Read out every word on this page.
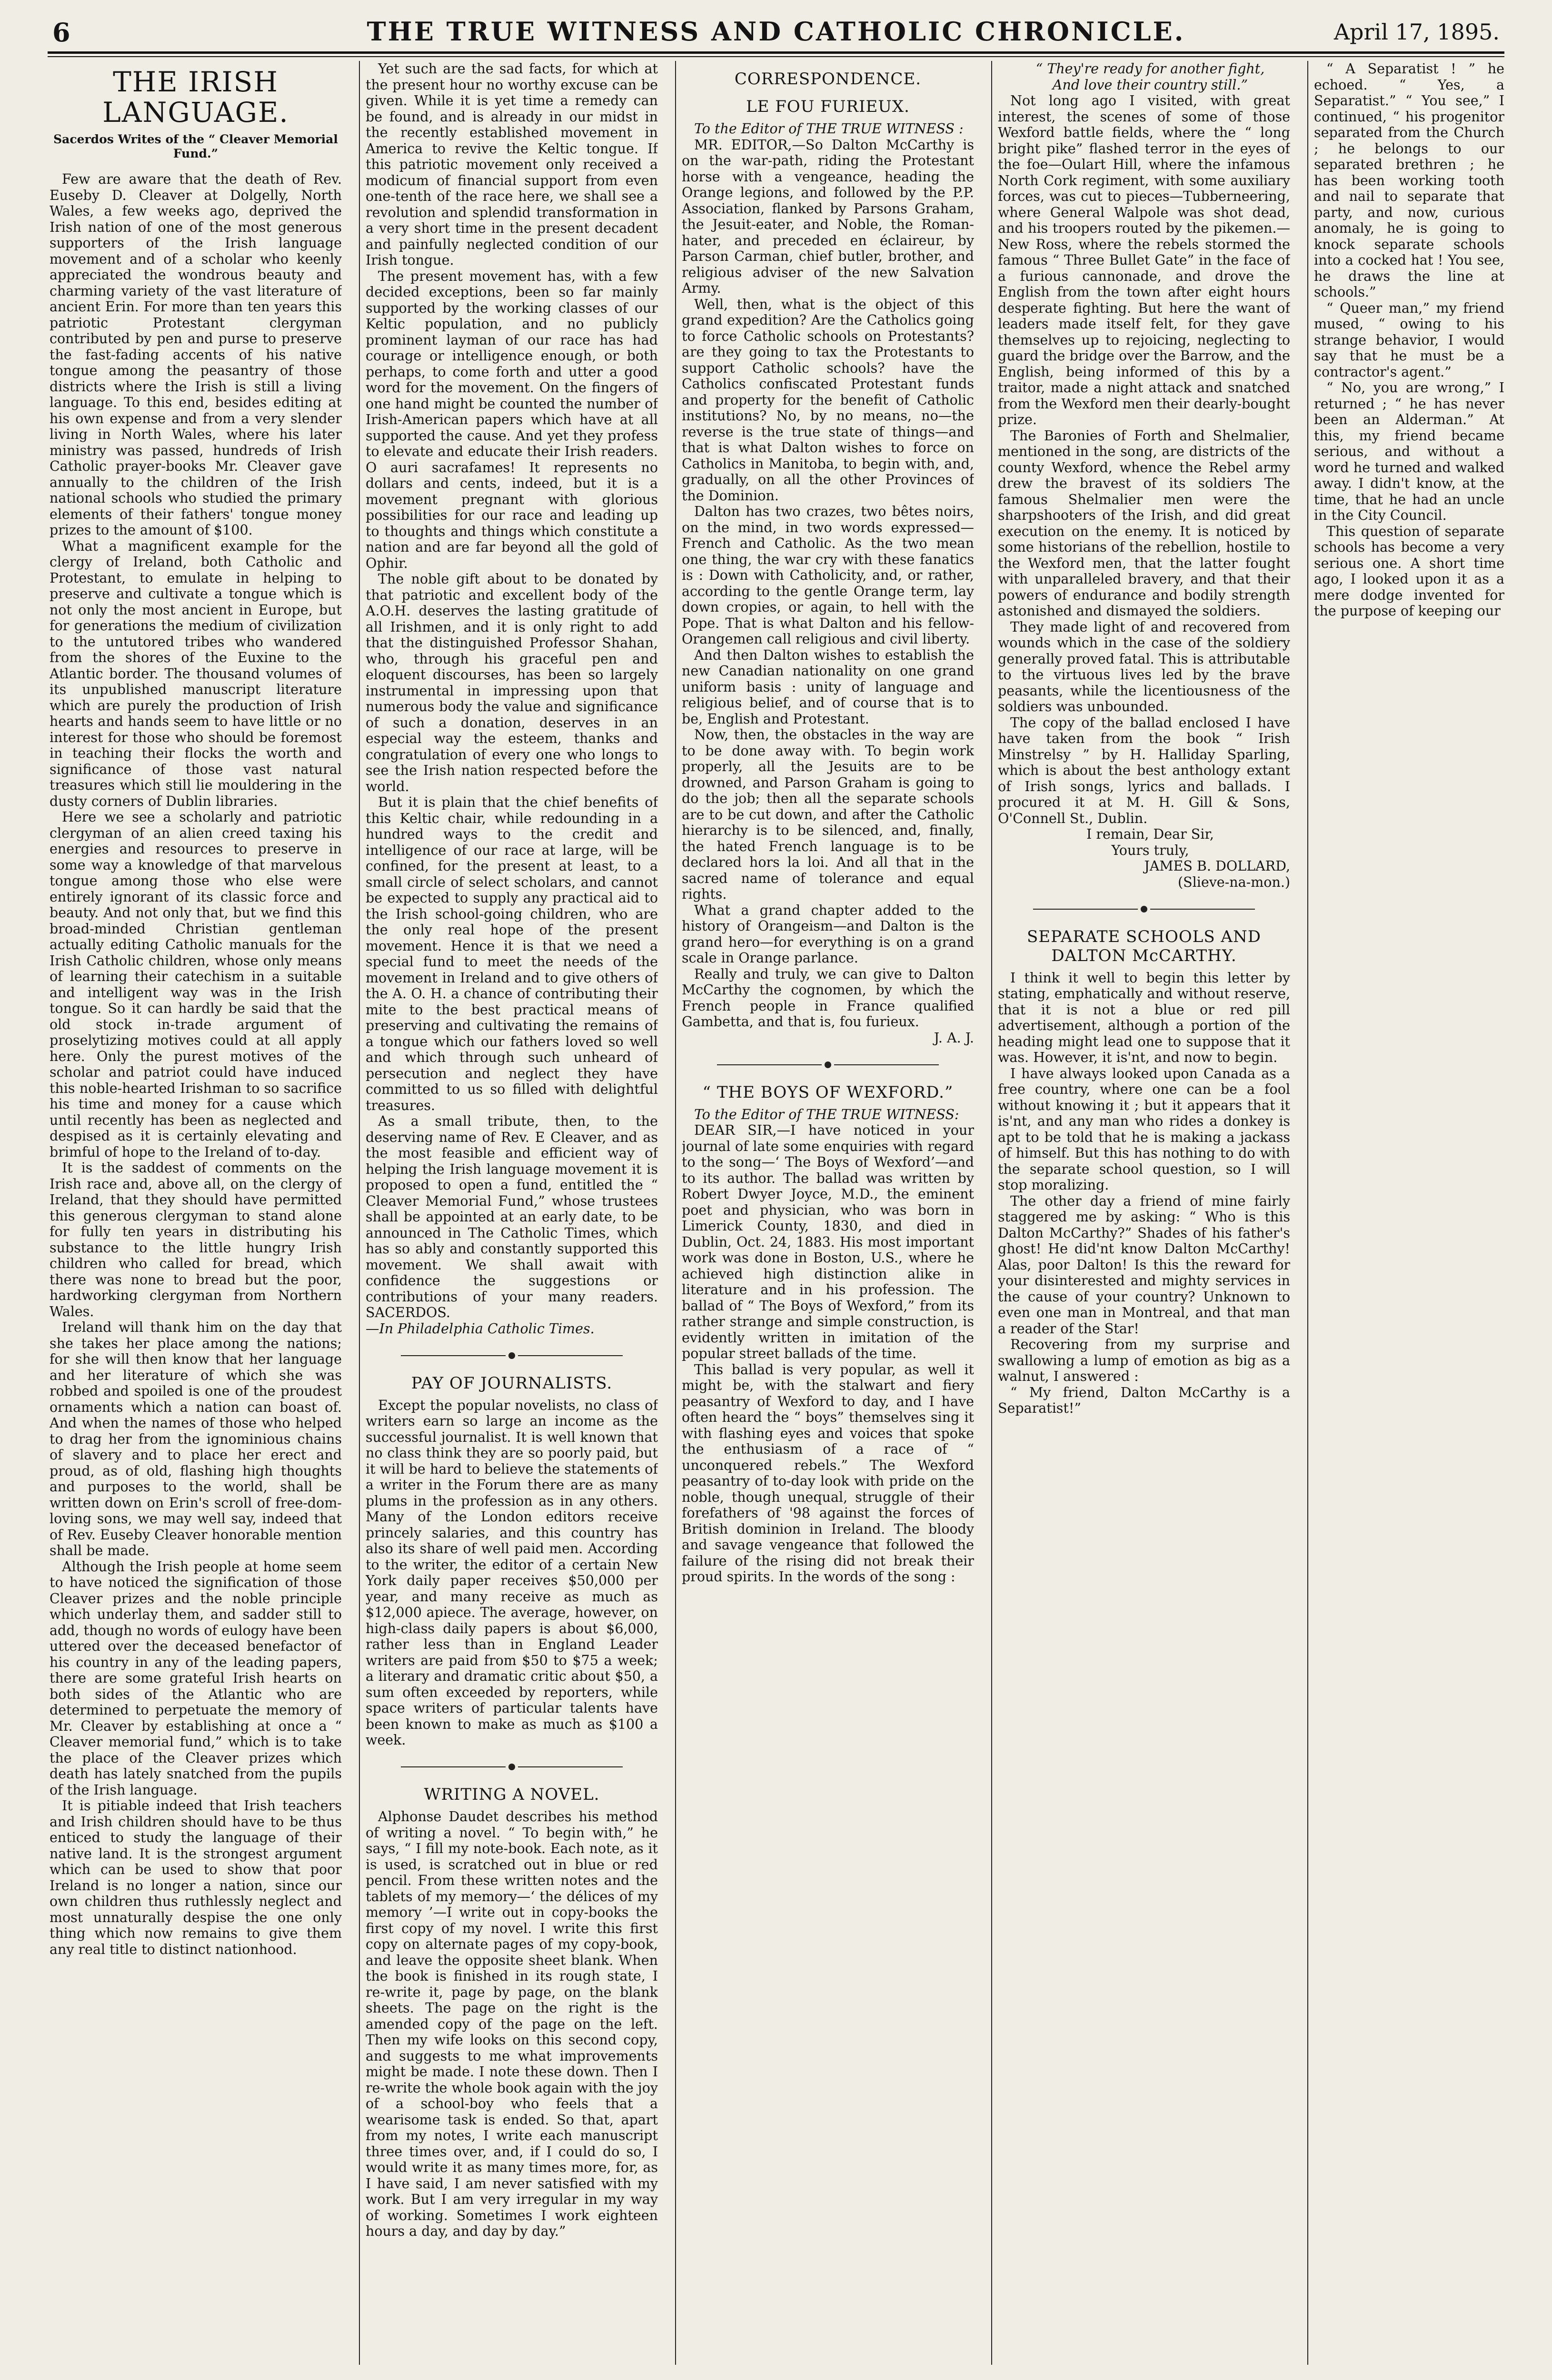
6	THE TRUE WITNESS AND CATHOLIC CHRONICLE.	April 17, 1895.
THE IRISH LANGUAGE.
Sacerdos Writes of the “ Cleaver Memorial Fund.”

Few are aware that the death of Rev. Euseby D. Cleaver at Dolgelly, North Wales, a few weeks ago, deprived the Irish nation of one of the most generous supporters of the Irish language movement and of a scholar who keenly appreciated the wondrous beauty and charming variety of the vast literature of ancient Erin. For more than ten years this patriotic Protestant clergyman contributed by pen and purse to preserve the fast-fading accents of his native tongue among the peasantry of those districts where the Irish is still a living language. To this end, besides editing at his own expense and from a very slender living in North Wales, where his later ministry was passed, hundreds of Irish Catholic prayer-books Mr. Cleaver gave annually to the children of the Irish national schools who studied the primary elements of their fathers' tongue money prizes to the amount of $100.

What a magnificent example for the clergy of Ireland, both Catholic and Protestant, to emulate in helping to preserve and cultivate a tongue which is not only the most ancient in Europe, but for generations the medium of civilization to the untutored tribes who wandered from the shores of the Euxine to the Atlantic border. The thousand volumes of its unpublished manuscript literature which are purely the production of Irish hearts and hands seem to have little or no interest for those who should be foremost in teaching their flocks the worth and significance of those vast natural treasures which still lie mouldering in the dusty corners of Dublin libraries.

Here we see a scholarly and patriotic clergyman of an alien creed taxing his energies and resources to preserve in some way a knowledge of that marvelous tongue among those who else were entirely ignorant of its classic force and beauty. And not only that, but we find this broad-minded Christian gentleman actually editing Catholic manuals for the Irish Catholic children, whose only means of learning their catechism in a suitable and intelligent way was in the Irish tongue. So it can hardly be said that the old stock in-trade argument of proselytizing motives could at all apply here. Only the purest motives of the scholar and patriot could have induced this noble-hearted Irishman to so sacrifice his time and money for a cause which until recently has been as neglected and despised as it is certainly elevating and brimful of hope to the Ireland of to-day.

It is the saddest of comments on the Irish race and, above all, on the clergy of Ireland, that they should have permitted this generous clergyman to stand alone for fully ten years in distributing his substance to the little hungry Irish children who called for bread, which there was none to bread but the poor, hardworking clergyman from Northern Wales.

Ireland will thank him on the day that she takes her place among the nations; for she will then know that her language and her literature of which she was robbed and spoiled is one of the proudest ornaments which a nation can boast of. And when the names of those who helped to drag her from the ignominious chains of slavery and to place her erect and proud, as of old, flashing high thoughts and purposes to the world, shall be written down on Erin's scroll of free-dom-loving sons, we may well say, indeed that of Rev. Euseby Cleaver honorable mention shall be made.

Although the Irish people at home seem to have noticed the signification of those Cleaver prizes and the noble principle which underlay them, and sadder still to add, though no words of eulogy have been uttered over the deceased benefactor of his country in any of the leading papers, there are some grateful Irish hearts on both sides of the Atlantic who are determined to perpetuate the memory of Mr. Cleaver by establishing at once a “ Cleaver memorial fund,” which is to take the place of the Cleaver prizes which death has lately snatched from the pupils of the Irish language.

It is pitiable indeed that Irish teachers and Irish children should have to be thus enticed to study the language of their native land. It is the strongest argument which can be used to show that poor Ireland is no longer a nation, since our own children thus ruthlessly neglect and most unnaturally despise the one only thing which now remains to give them any real title to distinct nationhood.

Yet such are the sad facts, for which at the present hour no worthy excuse can be given. While it is yet time a remedy can be found, and is already in our midst in the recently established movement in America to revive the Keltic tongue. If this patriotic movement only received a modicum of financial support from even one-tenth of the race here, we shall see a revolution and splendid transformation in a very short time in the present decadent and painfully neglected condition of our Irish tongue.

The present movement has, with a few decided exceptions, been so far mainly supported by the working classes of our Keltic population, and no publicly prominent layman of our race has had courage or intelligence enough, or both perhaps, to come forth and utter a good word for the movement. On the fingers of one hand might be counted the number of Irish-American papers which have at all supported the cause. And yet they profess to elevate and educate their Irish readers. O auri sacrafames! It represents no dollars and cents, indeed, but it is a movement pregnant with glorious possibilities for our race and leading up to thoughts and things which constitute a nation and are far beyond all the gold of Ophir.

The noble gift about to be donated by that patriotic and excellent body of the A.O.H. deserves the lasting gratitude of all Irishmen, and it is only right to add that the distinguished Professor Shahan, who, through his graceful pen and eloquent discourses, has been so largely instrumental in impressing upon that numerous body the value and significance of such a donation, deserves in an especial way the esteem, thanks and congratulation of every one who longs to see the Irish nation respected before the world.

But it is plain that the chief benefits of this Keltic chair, while redounding in a hundred ways to the credit and intelligence of our race at large, will be confined, for the present at least, to a small circle of select scholars, and cannot be expected to supply any practical aid to the Irish school-going children, who are the only real hope of the present movement. Hence it is that we need a special fund to meet the needs of the movement in Ireland and to give others of the A. O. H. a chance of contributing their mite to the best practical means of preserving and cultivating the remains of a tongue which our fathers loved so well and which through such unheard of persecution and neglect they have committed to us so filled with delightful treasures.

As a small tribute, then, to the deserving name of Rev. E Cleaver, and as the most feasible and efficient way of helping the Irish language movement it is proposed to open a fund, entitled the “ Cleaver Memorial Fund,” whose trustees shall be appointed at an early date, to be announced in The Catholic Times, which has so ably and constantly supported this movement. We shall await with confidence the suggestions or contributions of your many readers. SACERDOS.

—In Philadelphia Catholic Times.

PAY OF JOURNALISTS.

Except the popular novelists, no class of writers earn so large an income as the successful journalist. It is well known that no class think they are so poorly paid, but it will be hard to believe the statements of a writer in the Forum there are as many plums in the profession as in any others. Many of the London editors receive princely salaries, and this country has also its share of well paid men. According to the writer, the editor of a certain New York daily paper receives $50,000 per year, and many receive as much as $12,000 apiece. The average, however, on high-class daily papers is about $6,000, rather less than in England Leader writers are paid from $50 to $75 a week; a literary and dramatic critic about $50, a sum often exceeded by reporters, while space writers of particular talents have been known to make as much as $100 a week.

WRITING A NOVEL.

Alphonse Daudet describes his method of writing a novel. “ To begin with,” he says, “ I fill my note-book. Each note, as it is used, is scratched out in blue or red pencil. From these written notes and the tablets of my memory—‘ the délices of my memory ’—I write out in copy-books the first copy of my novel. I write this first copy on alternate pages of my copy-book, and leave the opposite sheet blank. When the book is finished in its rough state, I re-write it, page by page, on the blank sheets. The page on the right is the amended copy of the page on the left. Then my wife looks on this second copy, and suggests to me what improvements might be made. I note these down. Then I re-write the whole book again with the joy of a school-boy who feels that a wearisome task is ended. So that, apart from my notes, I write each manuscript three times over, and, if I could do so, I would write it as many times more, for, as I have said, I am never satisfied with my work. But I am very irregular in my way of working. Sometimes I work eighteen hours a day, and day by day.”

CORRESPONDENCE.
LE FOU FURIEUX.

To the Editor of THE TRUE WITNESS :

MR. EDITOR,—So Dalton McCarthy is on the war-path, riding the Protestant horse with a vengeance, heading the Orange legions, and followed by the P.P. Association, flanked by Parsons Graham, the Jesuit-eater, and Noble, the Roman-hater, and preceded en éclaireur, by Parson Carman, chief butler, brother, and religious adviser of the new Salvation Army.

Well, then, what is the object of this grand expedition? Are the Catholics going to force Catholic schools on Protestants? are they going to tax the Protestants to support Catholic schools? have the Catholics confiscated Protestant funds and property for the benefit of Catholic institutions? No, by no means, no—the reverse is the true state of things—and that is what Dalton wishes to force on Catholics in Manitoba, to begin with, and, gradually, on all the other Provinces of the Dominion.

Dalton has two crazes, two bêtes noirs, on the mind, in two words expressed—French and Catholic. As the two mean one thing, the war cry with these fanatics is : Down with Catholicity, and, or rather, according to the gentle Orange term, lay down cropies, or again, to hell with the Pope. That is what Dalton and his fellow-Orangemen call religious and civil liberty.

And then Dalton wishes to establish the new Canadian nationality on one grand uniform basis : unity of language and religious belief, and of course that is to be, English and Protestant.

Now, then, the obstacles in the way are to be done away with. To begin work properly, all the Jesuits are to be drowned, and Parson Graham is going to do the job; then all the separate schools are to be cut down, and after the Catholic hierarchy is to be silenced, and, finally, the hated French language is to be declared hors la loi. And all that in the sacred name of tolerance and equal rights.

What a grand chapter added to the history of Orangeism—and Dalton is the grand hero—for everything is on a grand scale in Orange parlance.

Really and truly, we can give to Dalton McCarthy the cognomen, by which the French people in France qualified Gambetta, and that is, fou furieux.

J. A. J.

“ THE BOYS OF WEXFORD.”

To the Editor of THE TRUE WITNESS:

DEAR SIR,—I have noticed in your journal of late some enquiries with regard to the song—‘ The Boys of Wexford’—and to its author. The ballad was written by Robert Dwyer Joyce, M.D., the eminent poet and physician, who was born in Limerick County, 1830, and died in Dublin, Oct. 24, 1883. His most important work was done in Boston, U.S., where he achieved high distinction alike in literature and in his profession. The ballad of “ The Boys of Wexford,” from its rather strange and simple construction, is evidently written in imitation of the popular street ballads of the time.

This ballad is very popular, as well it might be, with the stalwart and fiery peasantry of Wexford to day, and I have often heard the “ boys” themselves sing it with flashing eyes and voices that spoke the enthusiasm of a race of “ unconquered rebels.” The Wexford peasantry of to-day look with pride on the noble, though unequal, struggle of their forefathers of '98 against the forces of British dominion in Ireland. The bloody and savage vengeance that followed the failure of the rising did not break their proud spirits. In the words of the song :

“ They're ready for another fight,

And love their country still.”

Not long ago I visited, with great interest, the scenes of some of those Wexford battle fields, where the “ long bright pike” flashed terror in the eyes of the foe—Oulart Hill, where the infamous North Cork regiment, with some auxiliary forces, was cut to pieces—Tubberneering, where General Walpole was shot dead, and his troopers routed by the pikemen.—New Ross, where the rebels stormed the famous “ Three Bullet Gate” in the face of a furious cannonade, and drove the English from the town after eight hours desperate fighting. But here the want of leaders made itself felt, for they gave themselves up to rejoicing, neglecting to guard the bridge over the Barrow, and the English, being informed of this by a traitor, made a night attack and snatched from the Wexford men their dearly-bought prize.

The Baronies of Forth and Shelmalier, mentioned in the song, are districts of the county Wexford, whence the Rebel army drew the bravest of its soldiers The famous Shelmalier men were the sharpshooters of the Irish, and did great execution on the enemy. It is noticed by some historians of the rebellion, hostile to the Wexford men, that the latter fought with unparalleled bravery, and that their powers of endurance and bodily strength astonished and dismayed the soldiers.

They made light of and recovered from wounds which in the case of the soldiery generally proved fatal. This is attributable to the virtuous lives led by the brave peasants, while the licentiousness of the soldiers was unbounded.

The copy of the ballad enclosed I have have taken from the book “ Irish Minstrelsy ” by H. Halliday Sparling, which is about the best anthology extant of Irish songs, lyrics and ballads. I procured it at M. H. Gill & Sons, O'Connell St., Dublin.

I remain, Dear Sir,

Yours truly,

JAMES B. DOLLARD,

(Slieve-na-mon.)

SEPARATE SCHOOLS AND DALTON McCARTHY.

I think it well to begin this letter by stating, emphatically and without reserve, that it is not a blue or red pill advertisement, although a portion of the heading might lead one to suppose that it was. However, it is'nt, and now to begin.

I have always looked upon Canada as a free country, where one can be a fool without knowing it ; but it appears that it is'nt, and any man who rides a donkey is apt to be told that he is making a jackass of himself. But this has nothing to do with the separate school question, so I will stop moralizing.

The other day a friend of mine fairly staggered me by asking: “ Who is this Dalton McCarthy?” Shades of his father's ghost! He did'nt know Dalton McCarthy! Alas, poor Dalton! Is this the reward for your disinterested and mighty services in the cause of your country? Unknown to even one man in Montreal, and that man a reader of the Star!

Recovering from my surprise and swallowing a lump of emotion as big as a walnut, I answered :

“ My friend, Dalton McCarthy is a Separatist!”

“ A Separatist ! ” he echoed. “ Yes, a Separatist.” “ You see,” I continued, “ his progenitor separated from the Church ; he belongs to our separated brethren ; he has been working tooth and nail to separate that party, and now, curious anomaly, he is going to knock separate schools into a cocked hat ! You see, he draws the line at schools.”

“ Queer man,” my friend mused, “ owing to his strange behavior, I would say that he must be a contractor's agent.”

“ No, you are wrong,” I returned ; “ he has never been an Alderman.” At this, my friend became serious, and without a word he turned and walked away. I didn't know, at the time, that he had an uncle in the City Council.

This question of separate schools has become a very serious one. A short time ago, I looked upon it as a mere dodge invented for the purpose of keeping our
